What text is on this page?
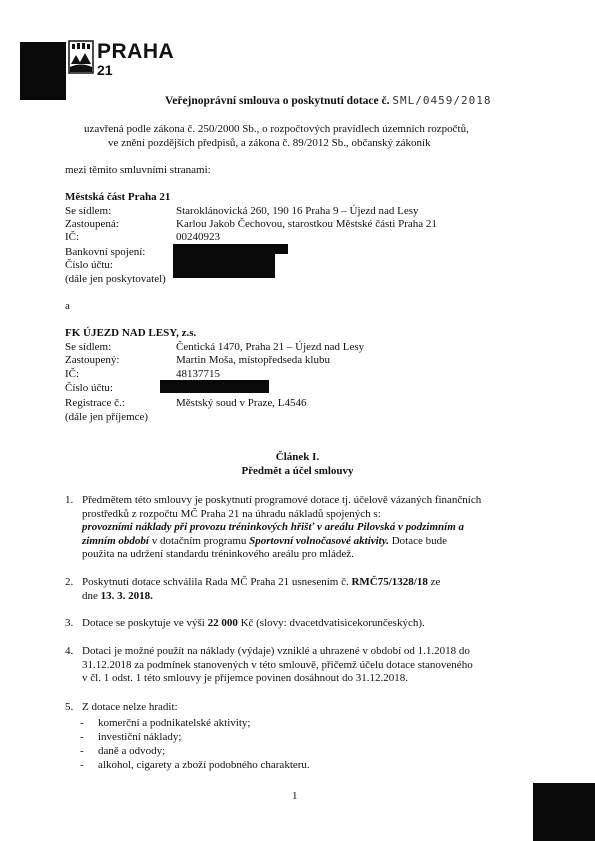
PRAHA
21
Veřejnoprávní smlouva o poskytnutí dotace č. SML/0459/2018
uzavřená podle zákona č. 250/2000 Sb., o rozpočtových pravidlech územních rozpočtů,
ve znění pozdějších předpisů, a zákona č. 89/2012 Sb., občanský zákoník
mezi těmito smluvními stranami:
Městská část Praha 21
Se sídlem:	Staroklánovická 260, 190 16 Praha 9 – Újezd nad Lesy
Zastoupená:	Karlou Jakob Čechovou, starostkou Městské části Praha 21
IČ:	00240923
Bankovní spojení:
Číslo účtu:
(dále jen poskytovatel)
a
FK ÚJEZD NAD LESY, z.s.
Se sídlem:	Čentická 1470, Praha 21 – Újezd nad Lesy
Zastoupený:	Martin Moša, místopředseda klubu
IČ:	48137715
Číslo účtu:
Registrace č.:	Městský soud v Praze, L4546
(dále jen příjemce)
Článek I.
Předmět a účel smlouvy
1. Předmětem této smlouvy je poskytnutí programové dotace tj. účelově vázaných finančních
prostředků z rozpočtu MČ Praha 21 na úhradu nákladů spojených s:
provozními náklady při provozu tréninkových hřišť v areálu Pilovská v podzimním a
zimním období v dotačním programu Sportovní volnočasové aktivity. Dotace bude
použita na udržení standardu tréninkového areálu pro mládež.
2. Poskytnutí dotace schválila Rada MČ Praha 21 usnesením č. RMČ75/1328/18 ze
dne 13. 3. 2018.
3. Dotace se poskytuje ve výši 22 000 Kč (slovy: dvacetdvatisicekorunčeských).
4. Dotaci je možné použít na náklady (výdaje) vzniklé a uhrazené v období od 1.1.2018 do
31.12.2018 za podmínek stanovených v této smlouvě, přičemž účelu dotace stanoveného
v čl. 1 odst. 1 této smlouvy je příjemce povinen dosáhnout do 31.12.2018.
5. Z dotace nelze hradit:
- komerční a podnikatelské aktivity;
- investiční náklady;
- daně a odvody;
- alkohol, cigarety a zboží podobného charakteru.
1
